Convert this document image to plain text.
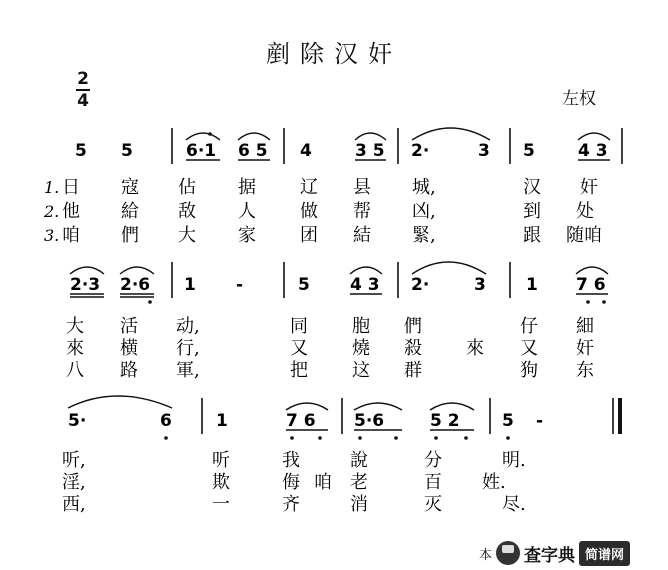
剷除汉奸
左权
2
4
5 5	6·1 6 5 4	3 5 2·	3 5	4 3
1.
2.
3.
日 寇 佔 据 辽 县 城,	汉 奸
他 給 敌 人 做 帮 凶,	到 处
咱 們 大 家 团 結 緊,	跟 随咱
2·3 2·6 1 -	5 4 3 2·	3 1 7 6
大 活 动,	同 胞 們	仔 細
來 横 行,	又 燒 殺 來 又 奸
八 路 軍,	把 这 群	狗 东
5·	6	1	7 6 5·6	5 2 5 -
听,	听	我	說	分	明.
淫,	欺	侮 咱 老	百 姓.
西,	一	齐	消	灭	尽.
本 查字典 简谱网
